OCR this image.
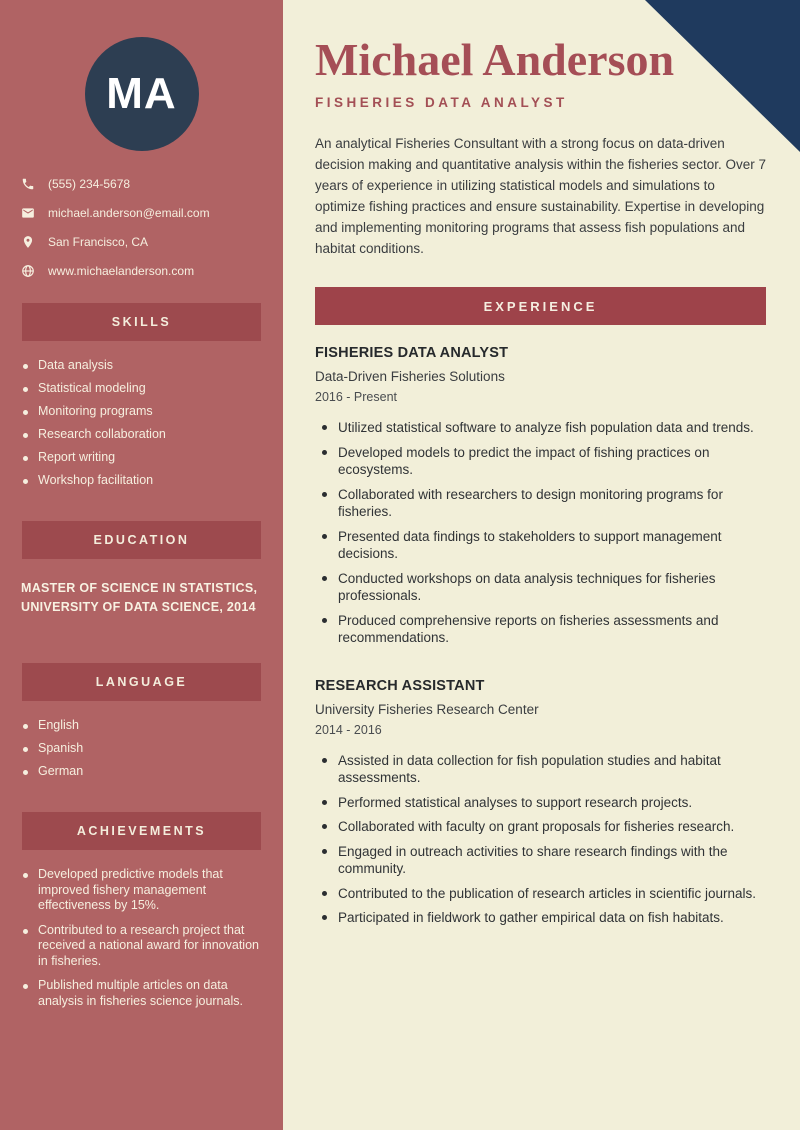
MA
(555) 234-5678
michael.anderson@email.com
San Francisco, CA
www.michaelanderson.com
SKILLS
Data analysis
Statistical modeling
Monitoring programs
Research collaboration
Report writing
Workshop facilitation
EDUCATION
MASTER OF SCIENCE IN STATISTICS,
UNIVERSITY OF DATA SCIENCE, 2014
LANGUAGE
English
Spanish
German
ACHIEVEMENTS
Developed predictive models that improved fishery management effectiveness by 15%.
Contributed to a research project that received a national award for innovation in fisheries.
Published multiple articles on data analysis in fisheries science journals.
Michael Anderson
FISHERIES DATA ANALYST

An analytical Fisheries Consultant with a strong focus on data-driven decision making and quantitative analysis within the fisheries sector. Over 7 years of experience in utilizing statistical models and simulations to optimize fishing practices and ensure sustainability. Expertise in developing and implementing monitoring programs that assess fish populations and habitat conditions.

EXPERIENCE
FISHERIES DATA ANALYST
Data-Driven Fisheries Solutions
2016 - Present
Utilized statistical software to analyze fish population data and trends.
Developed models to predict the impact of fishing practices on ecosystems.
Collaborated with researchers to design monitoring programs for fisheries.
Presented data findings to stakeholders to support management decisions.
Conducted workshops on data analysis techniques for fisheries professionals.
Produced comprehensive reports on fisheries assessments and recommendations.
RESEARCH ASSISTANT
University Fisheries Research Center
2014 - 2016
Assisted in data collection for fish population studies and habitat assessments.
Performed statistical analyses to support research projects.
Collaborated with faculty on grant proposals for fisheries research.
Engaged in outreach activities to share research findings with the community.
Contributed to the publication of research articles in scientific journals.
Participated in fieldwork to gather empirical data on fish habitats.
